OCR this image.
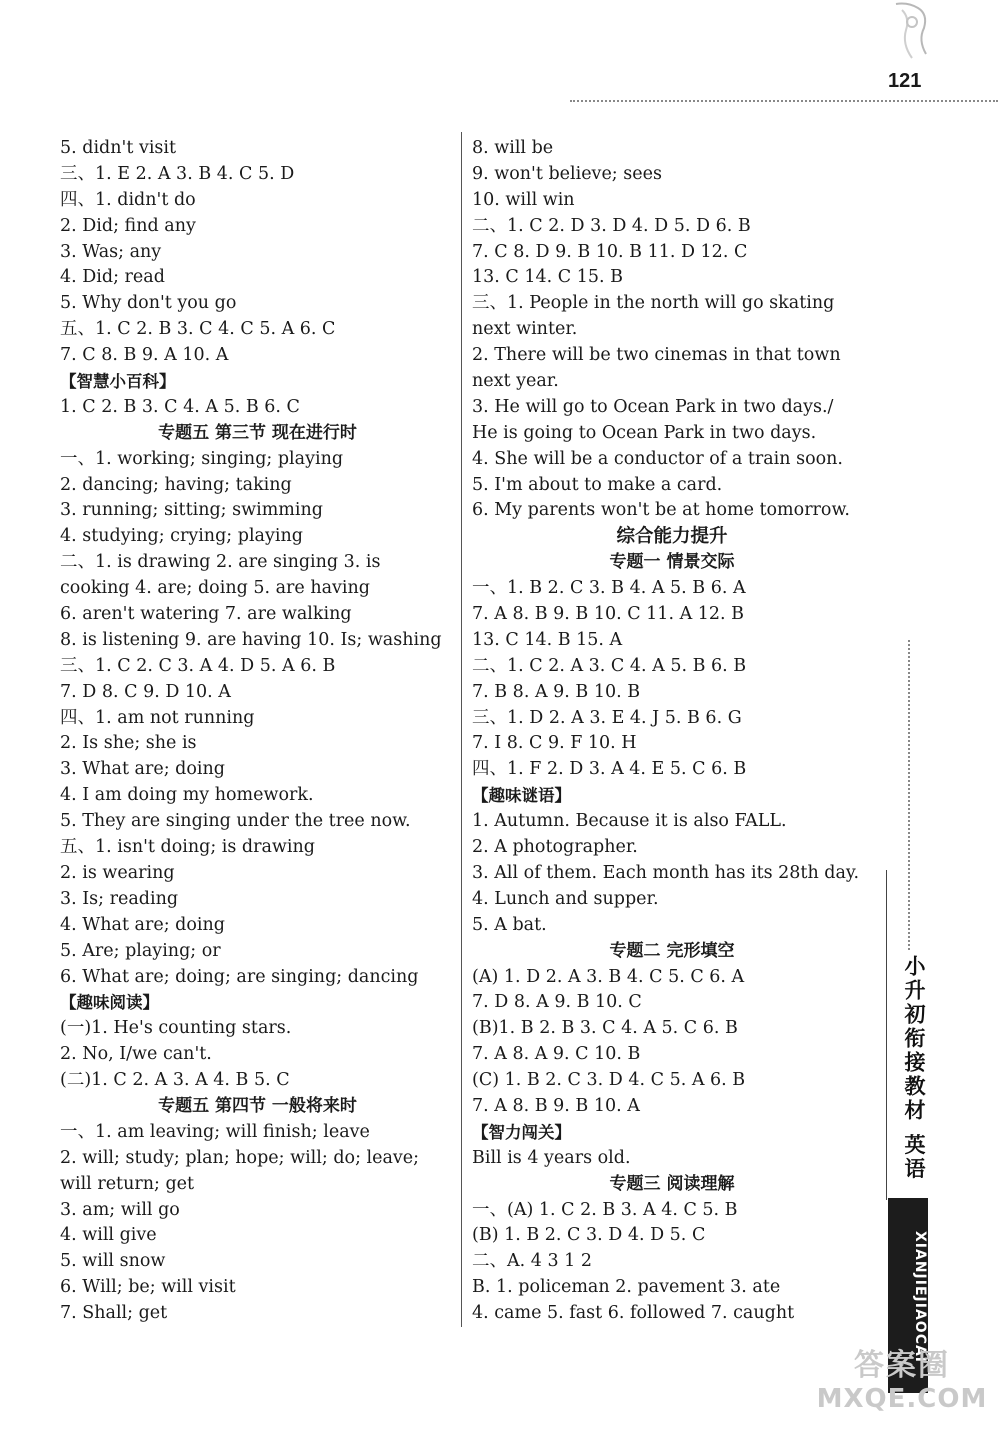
121
5. didn't visit
三、1. E 2. A 3. B 4. C 5. D
四、1. didn't do
2. Did; find any
3. Was; any
4. Did; read
5. Why don't you go
五、1. C 2. B 3. C 4. C 5. A 6. C
7. C 8. B 9. A 10. A
【智慧小百科】
1. C 2. B 3. C 4. A 5. B 6. C
专题五 第三节 现在进行时
一、1. working; singing; playing
2. dancing; having; taking
3. running; sitting; swimming
4. studying; crying; playing
二、1. is drawing 2. are singing 3. is
cooking 4. are; doing 5. are having
6. aren't watering 7. are walking
8. is listening 9. are having 10. Is; washing
三、1. C 2. C 3. A 4. D 5. A 6. B
7. D 8. C 9. D 10. A
四、1. am not running
2. Is she; she is
3. What are; doing
4. I am doing my homework.
5. They are singing under the tree now.
五、1. isn't doing; is drawing
2. is wearing
3. Is; reading
4. What are; doing
5. Are; playing; or
6. What are; doing; are singing; dancing
【趣味阅读】
(一)1. He's counting stars.
2. No, I/we can't.
(二)1. C 2. A 3. A 4. B 5. C
专题五 第四节 一般将来时
一、1. am leaving; will finish; leave
2. will; study; plan; hope; will; do; leave;
will return; get
3. am; will go
4. will give
5. will snow
6. Will; be; will visit
7. Shall; get
8. will be
9. won't believe; sees
10. will win
二、1. C 2. D 3. D 4. D 5. D 6. B
7. C 8. D 9. B 10. B 11. D 12. C
13. C 14. C 15. B
三、1. People in the north will go skating
next winter.
2. There will be two cinemas in that town
next year.
3. He will go to Ocean Park in two days./
He is going to Ocean Park in two days.
4. She will be a conductor of a train soon.
5. I'm about to make a card.
6. My parents won't be at home tomorrow.
综合能力提升
专题一 情景交际
一、1. B 2. C 3. B 4. A 5. B 6. A
7. A 8. B 9. B 10. C 11. A 12. B
13. C 14. B 15. A
二、1. C 2. A 3. C 4. A 5. B 6. B
7. B 8. A 9. B 10. B
三、1. D 2. A 3. E 4. J 5. B 6. G
7. I 8. C 9. F 10. H
四、1. F 2. D 3. A 4. E 5. C 6. B
【趣味谜语】
1. Autumn. Because it is also FALL.
2. A photographer.
3. All of them. Each month has its 28th day.
4. Lunch and supper.
5. A bat.
专题二 完形填空
(A) 1. D 2. A 3. B 4. C 5. C 6. A
7. D 8. A 9. B 10. C
(B)1. B 2. B 3. C 4. A 5. C 6. B
7. A 8. A 9. C 10. B
(C) 1. B 2. C 3. D 4. C 5. A 6. B
7. A 8. B 9. B 10. A
【智力闯关】
Bill is 4 years old.
专题三 阅读理解
一、(A) 1. C 2. B 3. A 4. C 5. B
(B) 1. B 2. C 3. D 4. D 5. C
二、A. 4 3 1 2
B. 1. policeman 2. pavement 3. ate
4. came 5. fast 6. followed 7. caught
小升初衔接教材 英语
XIANJIEJIAOCAI
答案圈
MXQE.COM
